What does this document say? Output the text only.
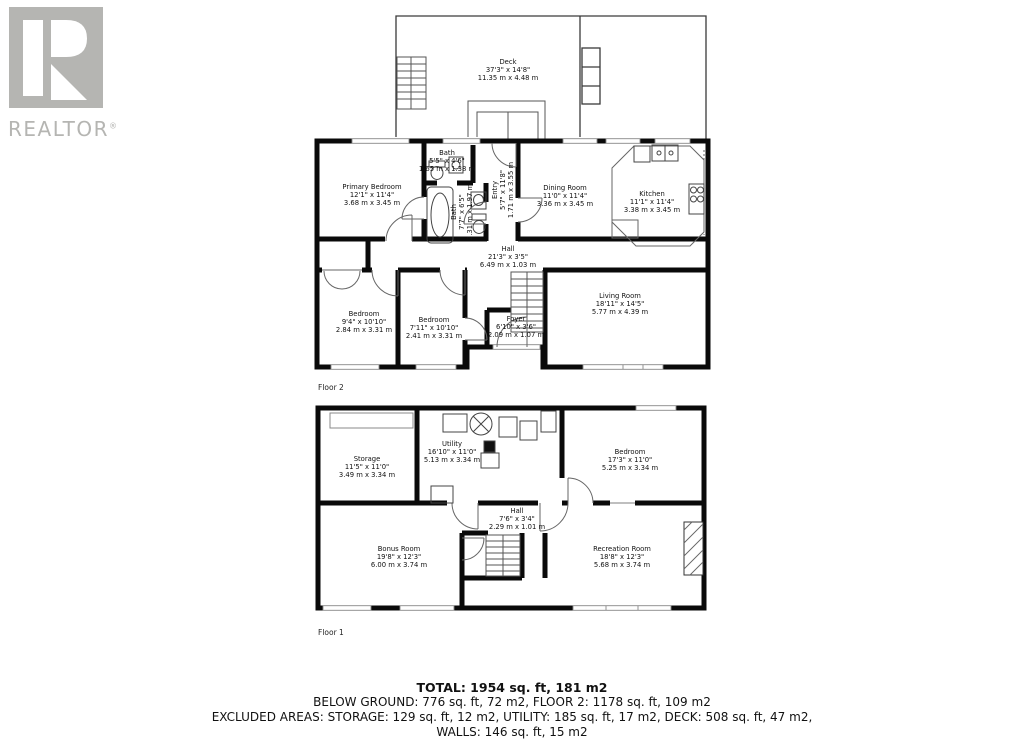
REALTOR®
Deck
37'3" x 14'8"
11.35 m x 4.48 m
Primary Bedroom
12'1" x 11'4"
3.68 m x 3.45 m
Bath
5'5" x 4'6"
1.65 m x 1.38 m
Bath 7'7" x 6'5" 2.31 m x 1.97 m Entry 5'7" x 11'8" 1.71 m x 3.55 m	Dining Room
11'0" x 11'4"
3.36 m x 3.45 m
Kitchen
11'1" x 11'4"
3.38 m x 3.45 m
Hall
21'3" x 3'5"
6.49 m x 1.03 m
Bedroom
9'4" x 10'10"
2.84 m x 3.31 m
Bedroom
7'11" x 10'10"
2.41 m x 3.31 m
Foyer
6'10" x 3'6"
2.09 m x 1.07 m
Living Room
18'11" x 14'5"
5.77 m x 4.39 m
Storage
11'5" x 11'0"
3.49 m x 3.34 m
Utility
16'10" x 11'0"
5.13 m x 3.34 m
Bedroom
17'3" x 11'0"
5.25 m x 3.34 m
Hall
7'6" x 3'4"
2.29 m x 1.01 m
Bonus Room
19'8" x 12'3"
6.00 m x 3.74 m
Recreation Room
18'8" x 12'3"
5.68 m x 3.74 m
Floor 2
Floor 1
TOTAL: 1954 sq. ft, 181 m2
BELOW GROUND: 776 sq. ft, 72 m2, FLOOR 2: 1178 sq. ft, 109 m2
EXCLUDED AREAS: STORAGE: 129 sq. ft, 12 m2, UTILITY: 185 sq. ft, 17 m2, DECK: 508 sq. ft, 47 m2,
WALLS: 146 sq. ft, 15 m2
